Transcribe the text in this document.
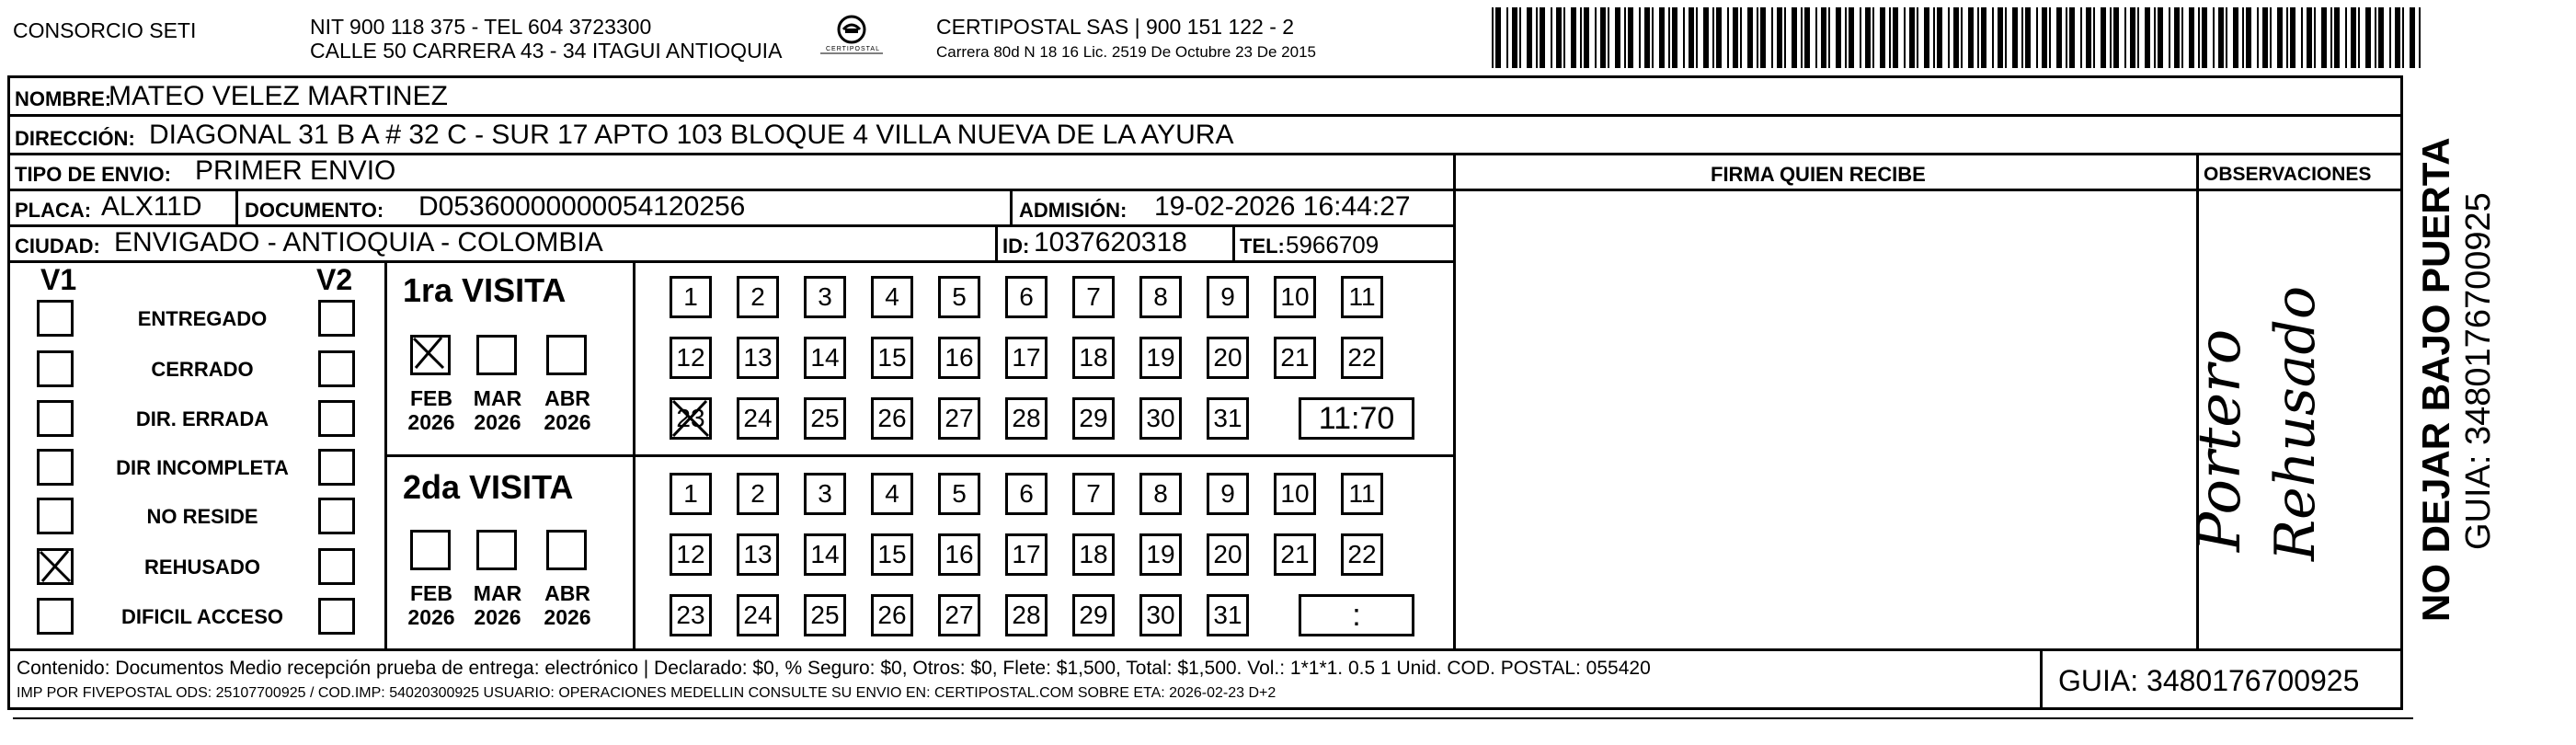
CONSORCIO SETI	NIT 900 118 375 - TEL 604 3723300
CALLE 50 CARRERA 43 - 34 ITAGUI ANTIOQUIA	CERTIPOSTAL
CERTIPOSTAL SAS | 900 151 122 - 2
Carrera 80d N 18 16 Lic. 2519 De Octubre 23 De 2015
NOMBRE:
MATEO VELEZ MARTINEZ
DIRECCIÓN: DIAGONAL 31 B A # 32 C - SUR 17 APTO 103 BLOQUE 4 VILLA NUEVA DE LA AYURA
TIPO DE ENVIO: PRIMER ENVIO	FIRMA QUIEN RECIBE	OBSERVACIONES
PLACA: ALX11D DOCUMENTO: D05360000000054120256	ADMISIÓN: 19-02-2026 16:44:27
CIUDAD: ENVIGADO - ANTIOQUIA - COLOMBIA	ID: 1037620318	TEL: 5966709
V1	V2
ENTREGADO
CERRADO
DIR. ERRADA
DIR INCOMPLETA
NO RESIDE
REHUSADO
DIFICIL ACCESO
1ra VISITA
FEB
2026
MAR
2026
ABR
2026
1 2 3 4 5 6 7 8 9 10 11
12 13 14 15 16 17 18 19 20 21 22
23 24 25 26 27 28 29 30 31 11:70
2da VISITA
FEB
2026
MAR
2026
ABR
2026
1 2 3 4 5 6 7 8 9 10 11
12 13 14 15 16 17 18 19 20 21 22
23 24 25 26 27 28 29 30 31	:
Rehusado
Portero
Contenido: Documentos Medio recepción prueba de entrega: electrónico | Declarado: $0, % Seguro: $0, Otros: $0, Flete: $1,500, Total: $1,500. Vol.: 1*1*1. 0.5 1 Unid. COD. POSTAL: 055420
IMP POR FIVEPOSTAL ODS: 25107700925 / COD.IMP: 54020300925 USUARIO: OPERACIONES MEDELLIN CONSULTE SU ENVIO EN: CERTIPOSTAL.COM SOBRE ETA: 2026-02-23 D+2	GUIA: 3480176700925
NO DEJAR BAJO PUERTA GUIA: 3480176700925
